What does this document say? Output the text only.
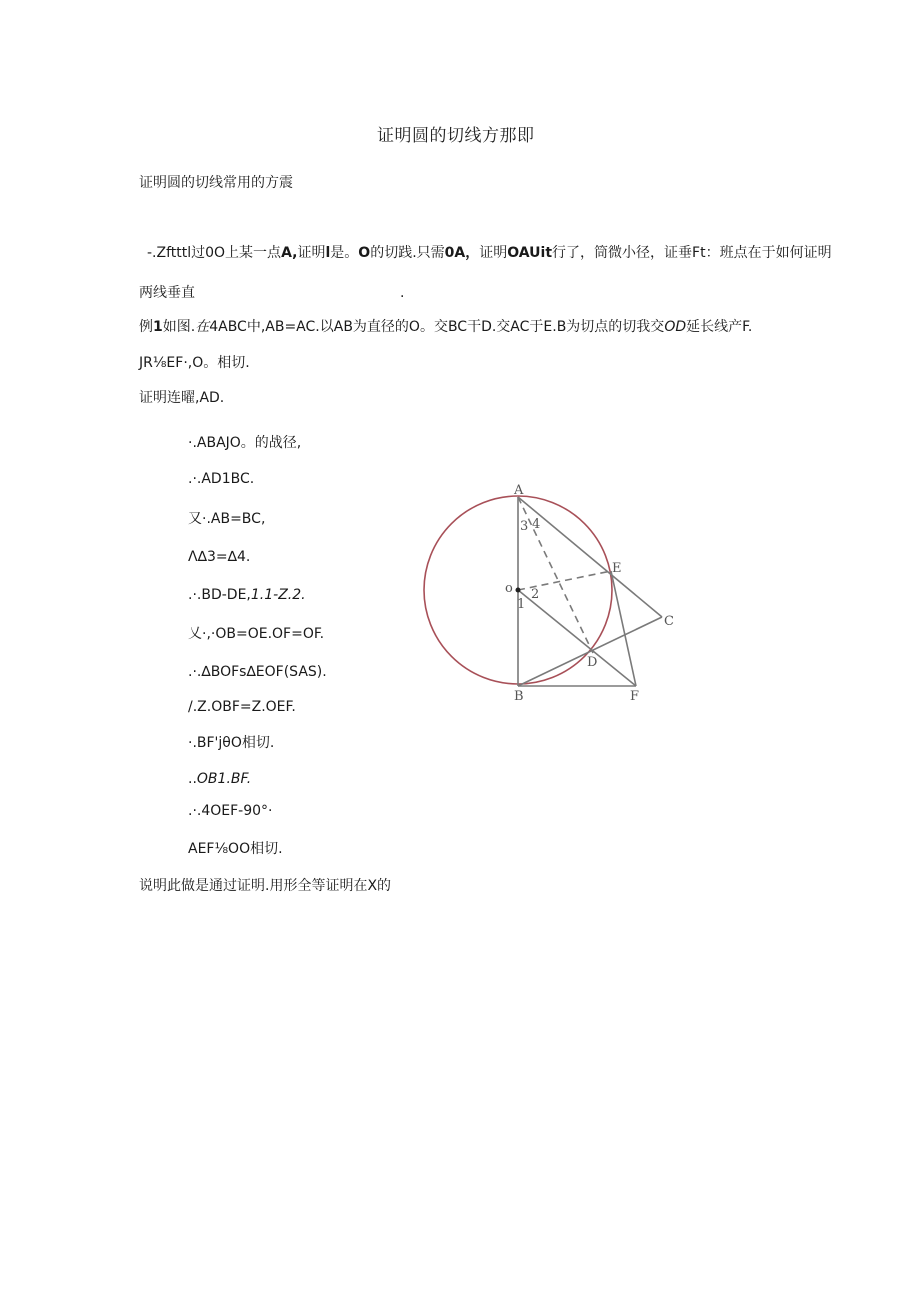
证明圆的切线方那即
证明圆的切线常用的方震
-.Zftttl过0O上某一点A,证明l是。O的切践.只需0A，证明OAUit行了，筒微小径，证垂Ft：班点在于如何证明
两线垂直	.
例1如图.在4ABC中,AB=AC.以AB为直径的O。交BC干D.交AC于E.B为切点的切我交OD延长线产F.
JR⅛EF·,O。相切.
证明连曜,AD.
·.ABAJO。的战径,
.·.AD1BC.
又·.AB=BC,
Λ∆3=∆4.
.·.BD-DE,1.1-Z.2.
乂·,·OB=OE.OF=OF.
.·.∆BOFs∆EOF(SAS).
/.Z.OBF=Z.OEF.
·.BF'jθO相切.
..OB1.BF.
.·.4OEF-90°·
AEF⅛OO相切.
说明此做是通过证明.用形全等证明在X的
A
B
C
D
E
F
o
1
2
3 4
